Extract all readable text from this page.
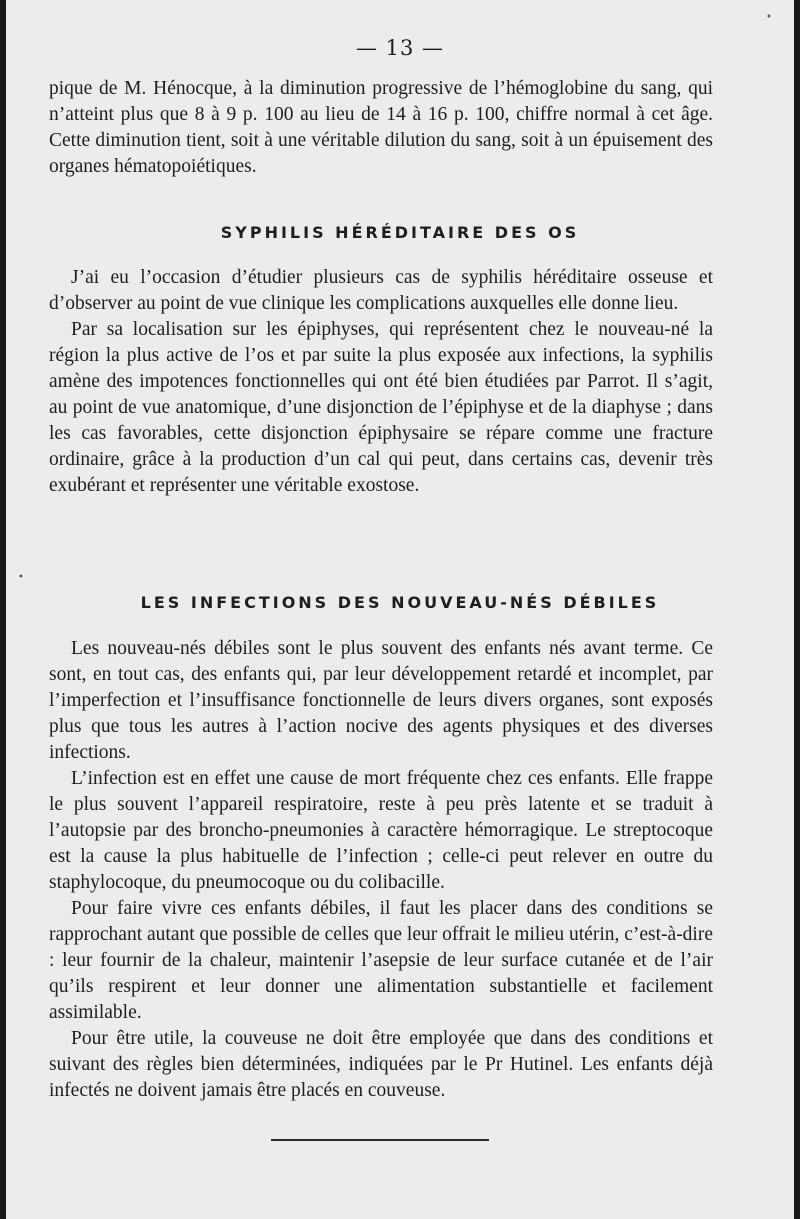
— 13 —

pique de M. Hénocque, à la diminution progressive de l’hémoglobine du sang, qui n’atteint plus que 8 à 9 p. 100 au lieu de 14 à 16 p. 100, chiffre normal à cet âge. Cette diminution tient, soit à une véritable dilution du sang, soit à un épuisement des organes hématopoiétiques.

SYPHILIS HÉRÉDITAIRE DES OS

J’ai eu l’occasion d’étudier plusieurs cas de syphilis héréditaire osseuse et d’observer au point de vue clinique les complications auxquelles elle donne lieu.

Par sa localisation sur les épiphyses, qui représentent chez le nouveau-né la région la plus active de l’os et par suite la plus exposée aux infections, la syphilis amène des impotences fonctionnelles qui ont été bien étudiées par Parrot. Il s’agit, au point de vue anatomique, d’une disjonction de l’épiphyse et de la diaphyse ; dans les cas favorables, cette disjonction épiphysaire se répare comme une fracture ordinaire, grâce à la production d’un cal qui peut, dans certains cas, devenir très exubérant et représenter une véritable exostose.

LES INFECTIONS DES NOUVEAU-NÉS DÉBILES

Les nouveau-nés débiles sont le plus souvent des enfants nés avant terme. Ce sont, en tout cas, des enfants qui, par leur développement retardé et incomplet, par l’imperfection et l’insuffisance fonctionnelle de leurs divers organes, sont exposés plus que tous les autres à l’action nocive des agents physiques et des diverses infections.

L’infection est en effet une cause de mort fréquente chez ces enfants. Elle frappe le plus souvent l’appareil respiratoire, reste à peu près latente et se traduit à l’autopsie par des broncho-pneumonies à caractère hémorragique. Le streptocoque est la cause la plus habituelle de l’infection ; celle-ci peut relever en outre du staphylocoque, du pneumocoque ou du colibacille.

Pour faire vivre ces enfants débiles, il faut les placer dans des conditions se rapprochant autant que possible de celles que leur offrait le milieu utérin, c’est-à-dire : leur fournir de la chaleur, maintenir l’asepsie de leur surface cutanée et de l’air qu’ils respirent et leur donner une alimentation substantielle et facilement assimilable.

Pour être utile, la couveuse ne doit être employée que dans des conditions et suivant des règles bien déterminées, indiquées par le Pr Hutinel. Les enfants déjà infectés ne doivent jamais être placés en couveuse.

•
•
